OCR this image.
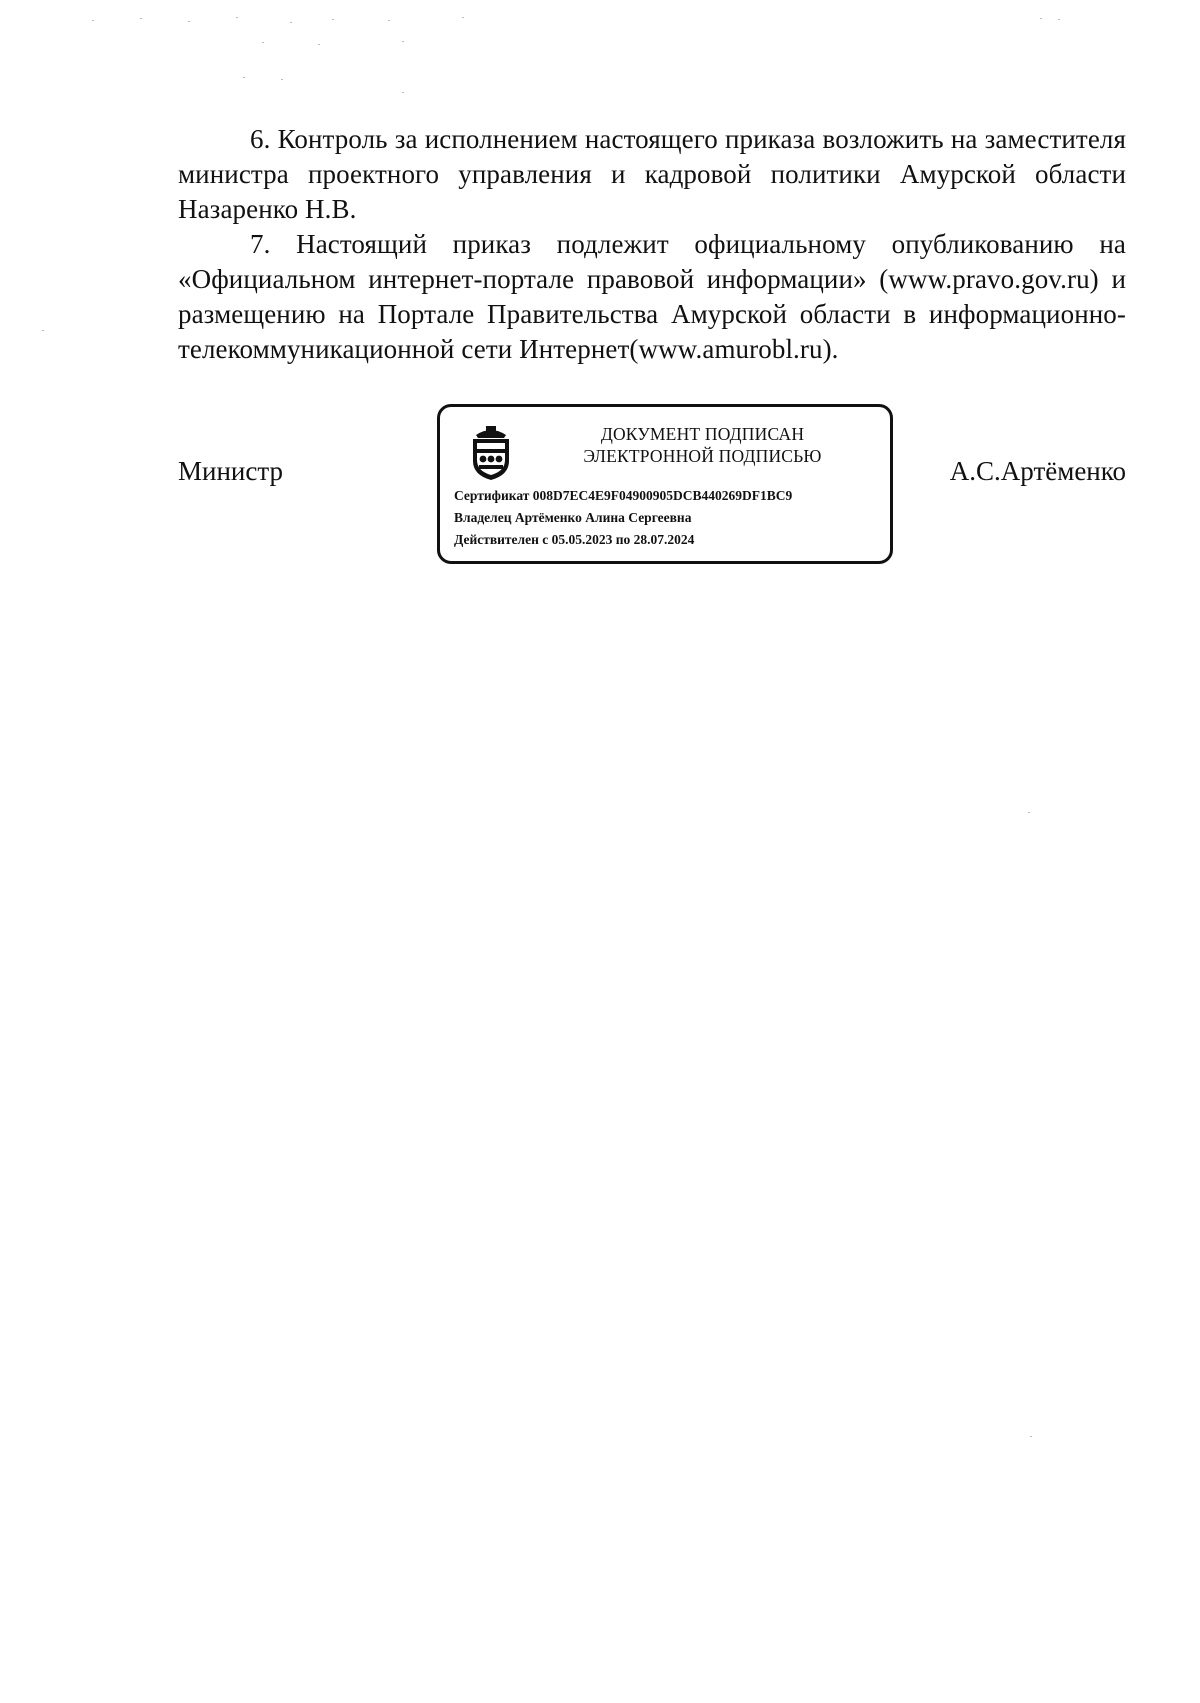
6. Контроль за исполнением настоящего приказа возложить на заместителя министра проектного управления и кадровой политики Амурской области Назаренко Н.В.

7. Настоящий приказ подлежит официальному опубликованию на «Официальном интернет-портале правовой информации» (www.pravo.gov.ru) и размещению на Портале Правительства Амурской области в информационно-телекоммуникационной сети Интернет(www.amurobl.ru).

Министр
ДОКУМЕНТ ПОДПИСАН
ЭЛЕКТРОННОЙ ПОДПИСЬЮ
Сертификат 008D7EC4E9F04900905DCB440269DF1BC9
Владелец Артёменко Алина Сергеевна
Действителен с 05.05.2023 по 28.07.2024
А.С.Артёменко
